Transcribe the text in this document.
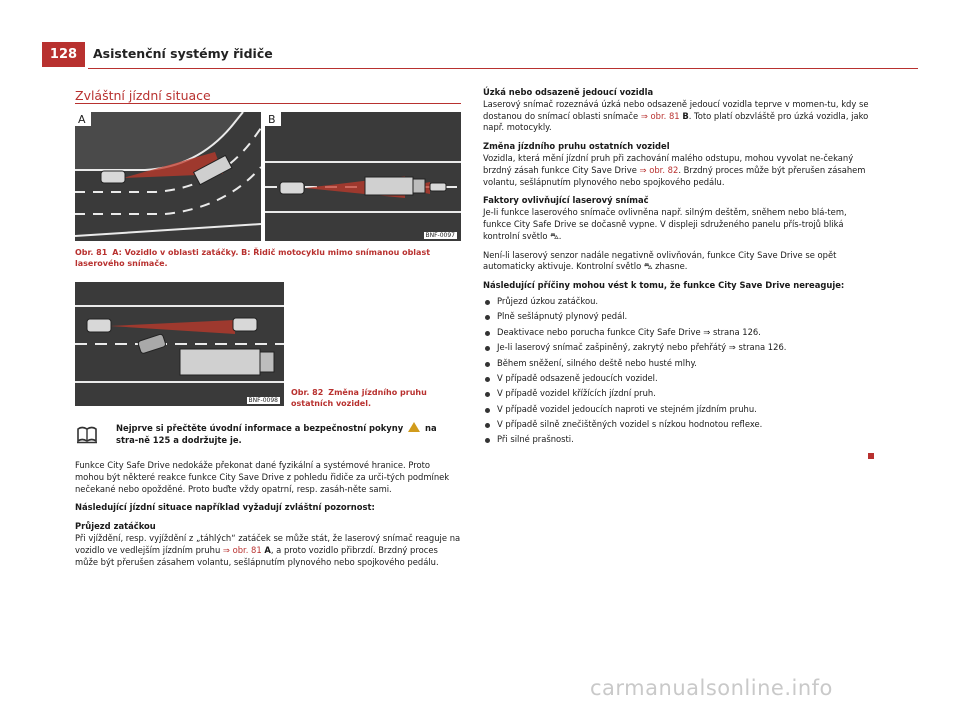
128	Asistenční systémy řidiče
Zvláštní jízdní situace
A	B
BNF-0097
Obr. 81 A: Vozidlo v oblasti zatáčky. B: Řidič motocyklu mimo snímanou oblast laserového snímače.
BNF-0098
Obr. 82 Změna jízdního pruhu ostatních vozidel.
Nejprve si přečtěte úvodní informace a bezpečnostní pokyny	na stra-ně 125 a dodržujte je.

Funkce City Safe Drive nedokáže překonat dané fyzikální a systémové hranice. Proto mohou být některé reakce funkce City Save Drive z pohledu řidiče za urči-tých podmínek nečekané nebo opožděné. Proto buďte vždy opatrní, resp. zasáh-něte sami.

Následující jízdní situace například vyžadují zvláštní pozornost:

Průjezd zatáčkou

Při vjíždění, resp. vyjíždění z „táhlých“ zatáček se může stát, že laserový snímač reaguje na vozidlo ve vedlejším jízdním pruhu ⇒ obr. 81 A, a proto vozidlo přibrzdí. Brzdný proces může být přerušen zásahem volantu, sešlápnutím plynového nebo spojkového pedálu.

Úzká nebo odsazeně jedoucí vozidla

Laserový snímač rozeznává úzká nebo odsazeně jedoucí vozidla teprve v momen-tu, kdy se dostanou do snímací oblasti snímače ⇒ obr. 81 B. Toto platí obzvláště pro úzká vozidla, jako např. motocykly.

Změna jízdního pruhu ostatních vozidel

Vozidla, která mění jízdní pruh při zachování malého odstupu, mohou vyvolat ne-čekaný brzdný zásah funkce City Save Drive ⇒ obr. 82. Brzdný proces může být přerušen zásahem volantu, sešlápnutím plynového nebo spojkového pedálu.

Faktory ovlivňující laserový snímač

Je-li funkce laserového snímače ovlivněna např. silným deštěm, sněhem nebo blá-tem, funkce City Safe Drive se dočasně vypne. V displeji sdruženého panelu přís-trojů bliká kontrolní světlo ⛍.

Není-li laserový senzor nadále negativně ovlivňován, funkce City Save Drive se opět automaticky aktivuje. Kontrolní světlo ⛍ zhasne.

Následující příčiny mohou vést k tomu, že funkce City Save Drive nereaguje:

Průjezd úzkou zatáčkou.
Plně sešlápnutý plynový pedál.
Deaktivace nebo porucha funkce City Safe Drive ⇒ strana 126.
Je-li laserový snímač zašpiněný, zakrytý nebo přehřátý ⇒ strana 126.
Během sněžení, silného deště nebo husté mlhy.
V případě odsazeně jedoucích vozidel.
V případě vozidel křížících jízdní pruh.
V případě vozidel jedoucích naproti ve stejném jízdním pruhu.
V případě silně znečištěných vozidel s nízkou hodnotou reflexe.
Při silné prašnosti.
carmanualsonline.info
